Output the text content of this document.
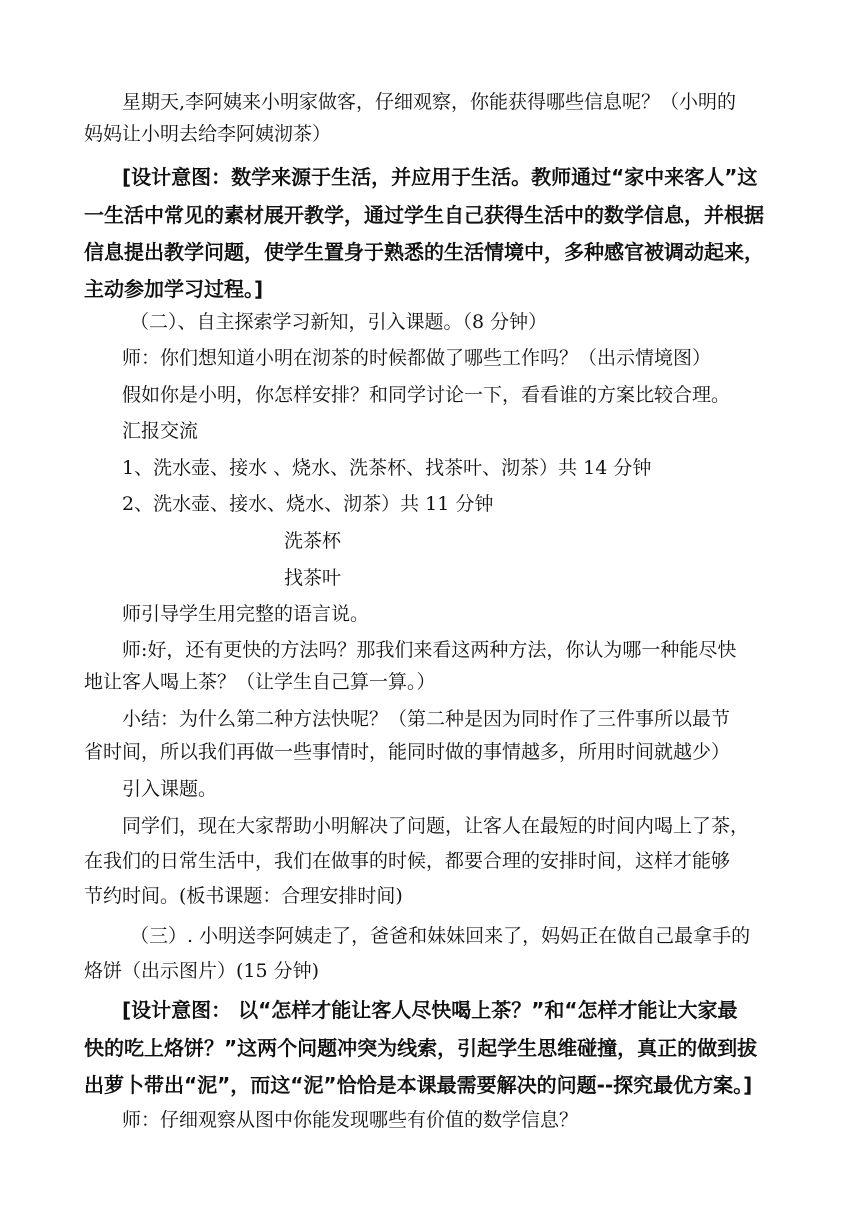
星期天,李阿姨来小明家做客，仔细观察，你能获得哪些信息呢？（小明的

妈妈让小明去给李阿姨沏茶）

[设计意图：数学来源于生活，并应用于生活。教师通过“家中来客人”这

一生活中常见的素材展开教学，通过学生自己获得生活中的数学信息，并根据

信息提出教学问题，使学生置身于熟悉的生活情境中，多种感官被调动起来，

主动参加学习过程。]

（二）、自主探索学习新知，引入课题。（8 分钟）

师：你们想知道小明在沏茶的时候都做了哪些工作吗？（出示情境图）

假如你是小明，你怎样安排？和同学讨论一下，看看谁的方案比较合理。

汇报交流

1、洗水壶、接水 、烧水、洗茶杯、找茶叶、沏茶）共 14 分钟

2、洗水壶、接水、烧水、沏茶）共 11 分钟

洗茶杯

找茶叶

师引导学生用完整的语言说。

师:好，还有更快的方法吗？那我们来看这两种方法，你认为哪一种能尽快

地让客人喝上茶？（让学生自己算一算。）

小结：为什么第二种方法快呢？（第二种是因为同时作了三件事所以最节

省时间，所以我们再做一些事情时，能同时做的事情越多，所用时间就越少）

引入课题。

同学们，现在大家帮助小明解决了问题，让客人在最短的时间内喝上了茶，

在我们的日常生活中，我们在做事的时候，都要合理的安排时间，这样才能够

节约时间。(板书课题：合理安排时间)

（三）. 小明送李阿姨走了，爸爸和妹妹回来了，妈妈正在做自己最拿手的

烙饼（出示图片）(15 分钟)

[设计意图： 以“怎样才能让客人尽快喝上茶？”和“怎样才能让大家最

快的吃上烙饼？”这两个问题冲突为线索，引起学生思维碰撞，真正的做到拔

出萝卜带出“泥”，而这“泥”恰恰是本课最需要解决的问题--探究最优方案。]

师：仔细观察从图中你能发现哪些有价值的数学信息？
